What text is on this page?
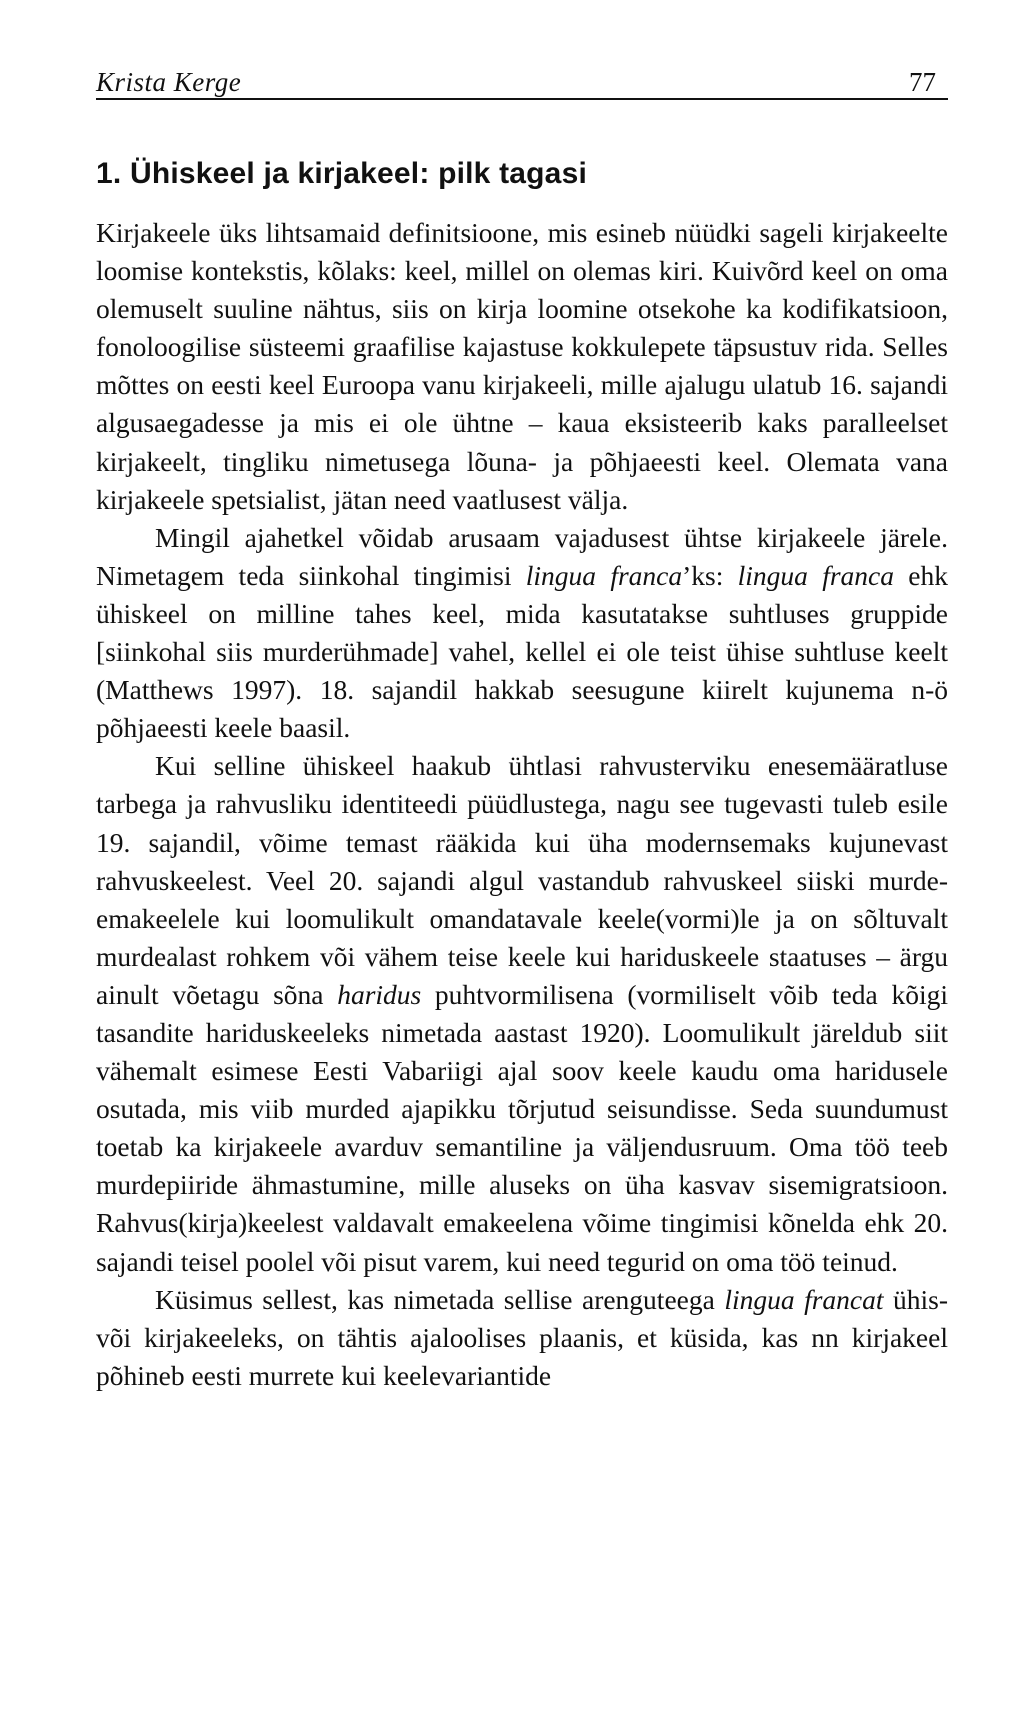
Krista Kerge	77
1. Ühiskeel ja kirjakeel: pilk tagasi

Kirjakeele üks lihtsamaid definitsioone, mis esineb nüüdki sageli kirjakeelte loomise kontekstis, kõlaks: keel, millel on olemas kiri. Kuivõrd keel on oma olemuselt suuline nähtus, siis on kirja loomine otsekohe ka kodifikatsioon, fonoloogilise süsteemi graafilise kajastuse kokkulepete täpsustuv rida. Selles mõttes on eesti keel Euroopa vanu kirjakeeli, mille ajalugu ulatub 16. sajandi algusaegadesse ja mis ei ole ühtne – kaua eksisteerib kaks paralleelset kirjakeelt, tingliku nimetusega lõuna- ja põhjaeesti keel. Olemata vana kirjakeele spetsialist, jätan need vaatlusest välja.

Mingil ajahetkel võidab arusaam vajadusest ühtse kirjakeele järele. Nimetagem teda siinkohal tingimisi lingua franca’ks: lingua franca ehk ühiskeel on milline tahes keel, mida kasutatakse suhtluses gruppide [siinkohal siis murderühmade] vahel, kellel ei ole teist ühise suhtluse keelt (Matthews 1997). 18. sajandil hakkab seesugune kiirelt kujunema n-ö põhjaeesti keele baasil.

Kui selline ühiskeel haakub ühtlasi rahvusterviku enesemääratluse tarbega ja rahvusliku identiteedi püüdlustega, nagu see tugevasti tuleb esile 19. sajandil, võime temast rääkida kui üha modernsemaks kujunevast rahvuskeelest. Veel 20. sajandi algul vastandub rahvuskeel siiski murde-emakeelele kui loomulikult omandatavale keele(vormi)le ja on sõltuvalt murdealast rohkem või vähem teise keele kui hariduskeele staatuses – ärgu ainult võetagu sõna haridus puhtvormilisena (vormiliselt võib teda kõigi tasandite hariduskeeleks nimetada aastast 1920). Loomulikult järeldub siit vähemalt esimese Eesti Vabariigi ajal soov keele kaudu oma haridusele osutada, mis viib murded ajapikku tõrjutud seisundisse. Seda suundumust toetab ka kirjakeele avarduv semantiline ja väljendusruum. Oma töö teeb murdepiiride ähmastumine, mille aluseks on üha kasvav sisemigratsioon. Rahvus(kirja)keelest valdavalt emakeelena võime tingimisi kõnelda ehk 20. sajandi teisel poolel või pisut varem, kui need tegurid on oma töö teinud.

Küsimus sellest, kas nimetada sellise arenguteega lingua francat ühis- või kirjakeeleks, on tähtis ajaloolises plaanis, et küsida, kas nn kirjakeel põhineb eesti murrete kui keelevariantide
